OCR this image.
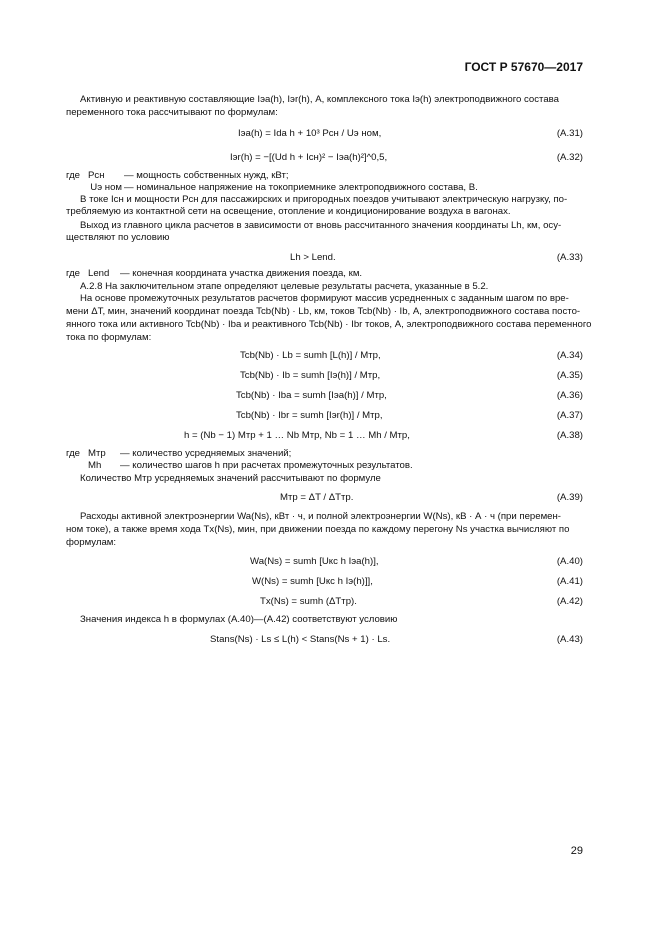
ГОСТ Р 57670—2017
Активную и реактивную составляющие Iэа(h), Iэr(h), А, комплексного тока Iэ(h) электроподвижного состава
переменного тока рассчитывают по формулам:
Iэа(h) = Ida h + 10³ Pсн / Uэ ном,	(А.31)
Iэr(h) = −[(Ud h + Iсн)² − Iэа(h)²]^0,5,	(А.32)
где Pсн	— мощность собственных нужд, кВт;
Uэ ном — номинальное напряжение на токоприемнике электроподвижного состава, В.
В токе Iсн и мощности Pсн для пассажирских и пригородных поездов учитывают электрическую нагрузку, по-
требляемую из контактной сети на освещение, отопление и кондиционирование воздуха в вагонах.
Выход из главного цикла расчетов в зависимости от вновь рассчитанного значения координаты Lh, км, осу-
ществляют по условию
Lh > Lend.	(А.33)
где Lend	— конечная координата участка движения поезда, км.
А.2.8 На заключительном этапе определяют целевые результаты расчета, указанные в 5.2.
На основе промежуточных результатов расчетов формируют массив усредненных с заданным шагом по вре-
мени ΔT, мин, значений координат поезда Tcb(Nb) · Lb, км, токов Tcb(Nb) · Ib, А, электроподвижного состава посто-
янного тока или активного Tcb(Nb) · Iba и реактивного Tcb(Nb) · Ibr токов, А, электроподвижного состава переменного
тока по формулам:
Tcb(Nb) · Lb = sumh [L(h)] / Mтр,	(А.34)
Tcb(Nb) · Ib = sumh [Iэ(h)] / Mтр,	(А.35)
Tcb(Nb) · Iba = sumh [Iэа(h)] / Mтр,	(А.36)
Tcb(Nb) · Ibr = sumh [Iэr(h)] / Mтр,	(А.37)
h = (Nb − 1) Mтр + 1 … Nb Mтр, Nb = 1 … Mh / Mтр,	(А.38)
где Mтр	— количество усредняемых значений;
Mh	— количество шагов h при расчетах промежуточных результатов.
Количество Mтр усредняемых значений рассчитывают по формуле
Mтр = ΔT / ΔTтр.	(А.39)
Расходы активной электроэнергии Wa(Ns), кВт · ч, и полной электроэнергии W(Ns), кВ · А · ч (при перемен-
ном токе), а также время хода Tx(Ns), мин, при движении поезда по каждому перегону Ns участка вычисляют по
формулам:
Wa(Ns) = sumh [Uкс h Iэа(h)],	(А.40)
W(Ns) = sumh [Uкс h Iэ(h)]],	(А.41)
Tx(Ns) = sumh (ΔTтр).	(А.42)
Значения индекса h в формулах (А.40)—(А.42) соответствуют условию
Stans(Ns) · Ls ≤ L(h) < Stans(Ns + 1) · Ls.	(А.43)
29
